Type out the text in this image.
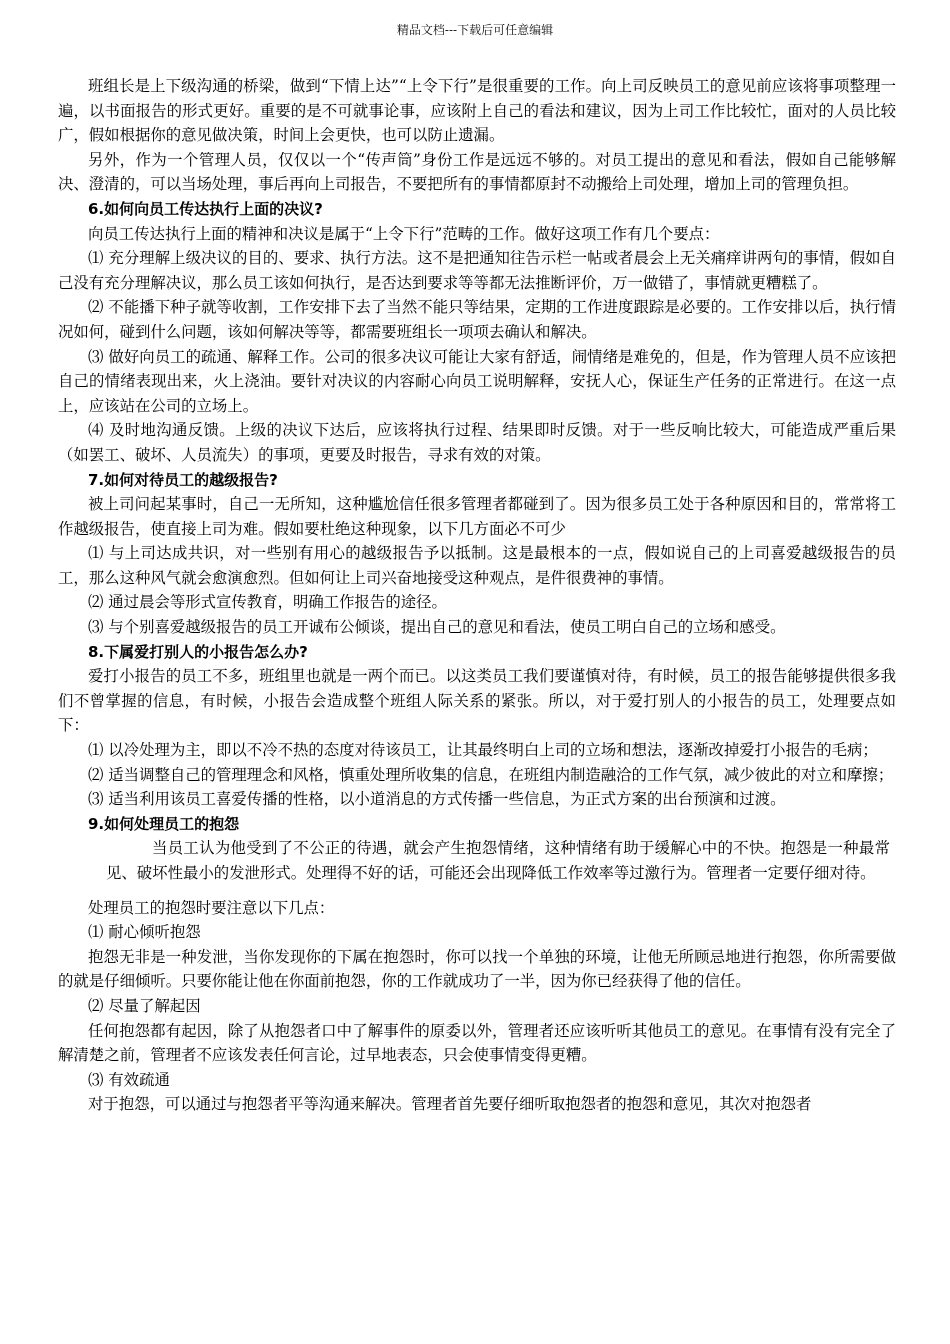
精品文档---下载后可任意编辑

班组长是上下级沟通的桥梁，做到“下情上达”“上令下行”是很重要的工作。向上司反映员工的意见前应该将事项整理一遍，以书面报告的形式更好。重要的是不可就事论事，应该附上自己的看法和建议，因为上司工作比较忙，面对的人员比较广，假如根据你的意见做决策，时间上会更快，也可以防止遗漏。

另外，作为一个管理人员，仅仅以一个“传声筒”身份工作是远远不够的。对员工提出的意见和看法，假如自己能够解决、澄清的，可以当场处理，事后再向上司报告，不要把所有的事情都原封不动搬给上司处理，增加上司的管理负担。

6.如何向员工传达执行上面的决议?

向员工传达执行上面的精神和决议是属于“上令下行”范畴的工作。做好这项工作有几个要点：

⑴ 充分理解上级决议的目的、要求、执行方法。这不是把通知往告示栏一帖或者晨会上无关痛痒讲两句的事情，假如自己没有充分理解决议，那么员工该如何执行，是否达到要求等等都无法推断评价，万一做错了，事情就更糟糕了。

⑵ 不能播下种子就等收割，工作安排下去了当然不能只等结果，定期的工作进度跟踪是必要的。工作安排以后，执行情况如何，碰到什么问题，该如何解决等等，都需要班组长一项项去确认和解决。

⑶ 做好向员工的疏通、解释工作。公司的很多决议可能让大家有舒适，闹情绪是难免的，但是，作为管理人员不应该把自己的情绪表现出来，火上浇油。要针对决议的内容耐心向员工说明解释，安抚人心，保证生产任务的正常进行。在这一点上，应该站在公司的立场上。

⑷ 及时地沟通反馈。上级的决议下达后，应该将执行过程、结果即时反馈。对于一些反响比较大，可能造成严重后果（如罢工、破坏、人员流失）的事项，更要及时报告，寻求有效的对策。

7.如何对待员工的越级报告?

被上司问起某事时，自己一无所知，这种尴尬信任很多管理者都碰到了。因为很多员工处于各种原因和目的，常常将工作越级报告，使直接上司为难。假如要杜绝这种现象，以下几方面必不可少

⑴ 与上司达成共识，对一些别有用心的越级报告予以抵制。这是最根本的一点，假如说自己的上司喜爱越级报告的员工，那么这种风气就会愈演愈烈。但如何让上司兴奋地接受这种观点，是件很费神的事情。

⑵ 通过晨会等形式宣传教育，明确工作报告的途径。

⑶ 与个别喜爱越级报告的员工开诚布公倾谈，提出自己的意见和看法，使员工明白自己的立场和感受。

8.下属爱打别人的小报告怎么办?

爱打小报告的员工不多，班组里也就是一两个而已。以这类员工我们要谨慎对待，有时候，员工的报告能够提供很多我们不曾掌握的信息，有时候，小报告会造成整个班组人际关系的紧张。所以，对于爱打别人的小报告的员工，处理要点如下：

⑴ 以冷处理为主，即以不冷不热的态度对待该员工，让其最终明白上司的立场和想法，逐渐改掉爱打小报告的毛病；

⑵ 适当调整自己的管理理念和风格，慎重处理所收集的信息，在班组内制造融洽的工作气氛，减少彼此的对立和摩擦；

⑶ 适当利用该员工喜爱传播的性格，以小道消息的方式传播一些信息，为正式方案的出台预演和过渡。

9.如何处理员工的抱怨

当员工认为他受到了不公正的待遇，就会产生抱怨情绪，这种情绪有助于缓解心中的不快。抱怨是一种最常见、破坏性最小的发泄形式。处理得不好的话，可能还会出现降低工作效率等过激行为。管理者一定要仔细对待。

处理员工的抱怨时要注意以下几点：

⑴ 耐心倾听抱怨

抱怨无非是一种发泄，当你发现你的下属在抱怨时，你可以找一个单独的环境，让他无所顾忌地进行抱怨，你所需要做的就是仔细倾听。只要你能让他在你面前抱怨，你的工作就成功了一半，因为你已经获得了他的信任。

⑵ 尽量了解起因

任何抱怨都有起因，除了从抱怨者口中了解事件的原委以外，管理者还应该听听其他员工的意见。在事情有没有完全了解清楚之前，管理者不应该发表任何言论，过早地表态，只会使事情变得更糟。

⑶ 有效疏通

对于抱怨，可以通过与抱怨者平等沟通来解决。管理者首先要仔细听取抱怨者的抱怨和意见，其次对抱怨者
